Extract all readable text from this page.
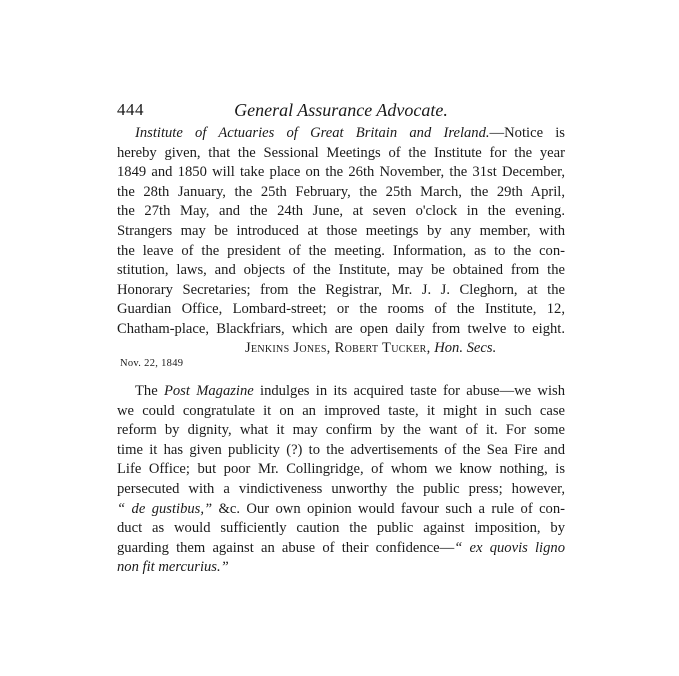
444	General Assurance Advocate.
Institute of Actuaries of Great Britain and Ireland.—Notice is
hereby given, that the Sessional Meetings of the Institute for the year
1849 and 1850 will take place on the 26th November, the 31st December,
the 28th January, the 25th February, the 25th March, the 29th April,
the 27th May, and the 24th June, at seven o'clock in the evening.
Strangers may be introduced at those meetings by any member, with
the leave of the president of the meeting. Information, as to the con-
stitution, laws, and objects of the Institute, may be obtained from the
Honorary Secretaries; from the Registrar, Mr. J. J. Cleghorn, at the
Guardian Office, Lombard-street; or the rooms of the Institute, 12,
Chatham-place, Blackfriars, which are open daily from twelve to eight.
Jenkins Jones, Robert Tucker, Hon. Secs.
Nov. 22, 1849
The Post Magazine indulges in its acquired taste for abuse—we wish
we could congratulate it on an improved taste, it might in such case
reform by dignity, what it may confirm by the want of it. For some
time it has given publicity (?) to the advertisements of the Sea Fire and
Life Office; but poor Mr. Collingridge, of whom we know nothing, is
persecuted with a vindictiveness unworthy the public press; however,
“ de gustibus,” &c. Our own opinion would favour such a rule of con-
duct as would sufficiently caution the public against imposition, by
guarding them against an abuse of their confidence—“ ex quovis ligno
non fit mercurius.”
